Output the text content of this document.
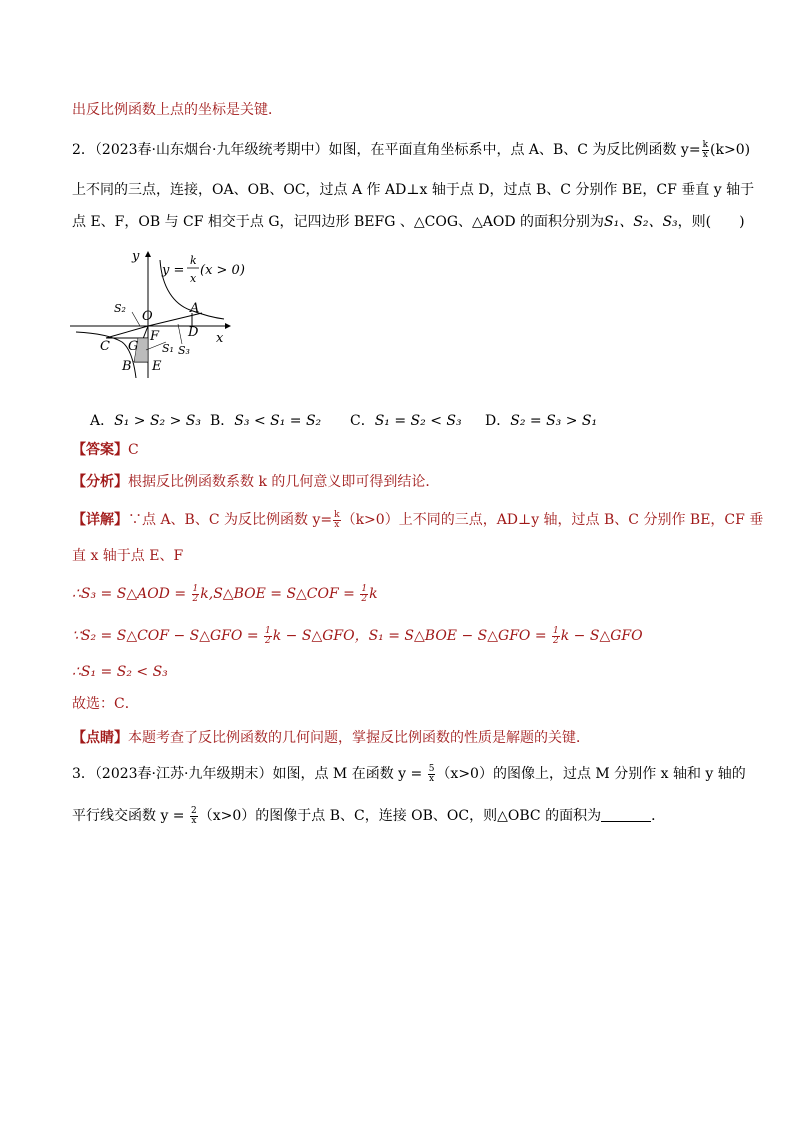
出反比例函数上点的坐标是关键．
2．（2023春·山东烟台·九年级统考期中）如图，在平面直角坐标系中，点 A、B、C 为反比例函数 $y= \frac{k}{x} (k>0)$
上不同的三点，连接，OA、OB、OC，过点 A 作 AD⊥x 轴于点 D，过点 B、C 分别作 BE，CF 垂直 y 轴于
点 E、F，OB 与 CF 相交于点 G，记四边形 BEFG 、△COG、△AOD 的面积分别为S₁、S₂、S₃，则(　　)
y
x
O
A
D
C G
F
B E
S₂
S₁ S₃
y =
k
x
(x > 0)
A．S₁ > S₂ > S₃ B．S₃ < S₁ = S₂ C．S₁ = S₂ < S₃ D．S₂ = S₃ > S₁
【答案】C
【分析】根据反比例函数系数 k 的几何意义即可得到结论．
【详解】∵点 A、B、C 为反比例函数 $y= \frac{k}{x} (k>0)$上不同的三点，AD⊥y 轴，过点 B、C 分别作 BE，CF 垂
直 x 轴于点 E、F
∴S₃ = S△AOD = $\frac{1}{2}$ k,S△BOE = S△COF = $\frac{1}{2}$ k
∵S₂ = S△COF − S△GFO = $\frac{1}{2}$ k − S△GFO，S₁ = S△BOE − S△GFO = $\frac{1}{2}$ k − S△GFO
∴S₁ = S₂ < S₃
故选：C．
【点睛】本题考查了反比例函数的几何问题，掌握反比例函数的性质是解题的关键．
3．（2023春·江苏·九年级期末）如图，点 M 在函数 $y = \frac{5}{x} (x>0)$的图像上，过点 M 分别作 x 轴和 y 轴的
平行线交函数 $y = \frac{2}{x} (x>0)$的图像于点 B、C，连接 OB、OC，则△OBC 的面积为	．
